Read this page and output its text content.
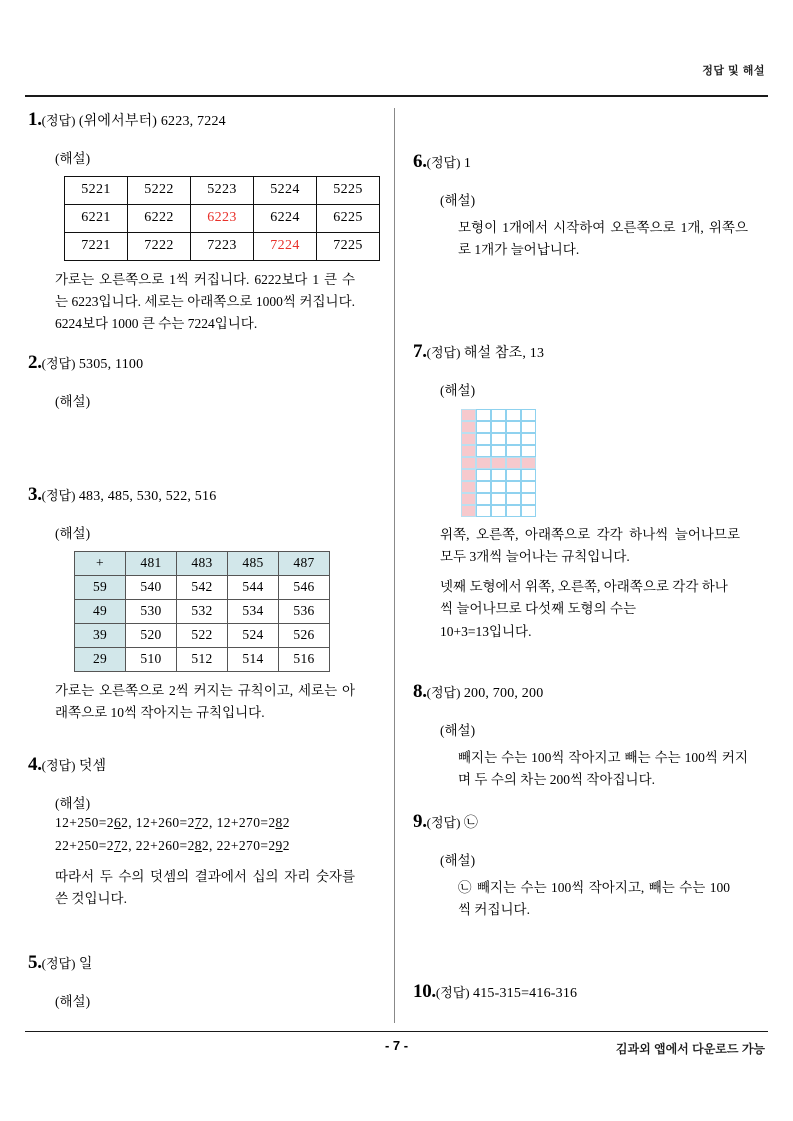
정답 및 해설
1.(정답) (위에서부터) 6223, 7224
(해설)
5221	5222	5223	5224	5225
6221	6222	6223	6224	6225
7221	7222	7223	7224	7225
가로는 오른쪽으로 1씩 커집니다. 6222보다 1 큰 수는 6223입니다. 세로는 아래쪽으로 1000씩 커집니다. 6224보다 1000 큰 수는 7224입니다.
2.(정답) 5305, 1100
(해설)
3.(정답) 483, 485, 530, 522, 516
(해설)
+	481	483	485	487
59	540	542	544	546
49	530	532	534	536
39	520	522	524	526
29	510	512	514	516
가로는 오른쪽으로 2씩 커지는 규칙이고, 세로는 아래쪽으로 10씩 작아지는 규칙입니다.
4.(정답) 덧셈
(해설)
12+250=262, 12+260=272, 12+270=282
22+250=272, 22+260=282, 22+270=292
따라서 두 수의 덧셈의 결과에서 십의 자리 숫자를 쓴 것입니다.
5.(정답) 일
(해설)
6.(정답) 1
(해설)
모형이 1개에서 시작하여 오른쪽으로 1개, 위쪽으로 1개가 늘어납니다.
7.(정답) 해설 참조, 13
(해설)
위쪽, 오른쪽, 아래쪽으로 각각 하나씩 늘어나므로 모두 3개씩 늘어나는 규칙입니다.
넷째 도형에서 위쪽, 오른쪽, 아래쪽으로 각각 하나씩 늘어나므로 다섯째 도형의 수는
10+3=13입니다.
8.(정답) 200, 700, 200
(해설)
빼지는 수는 100씩 작아지고 빼는 수는 100씩 커지며 두 수의 차는 200씩 작아집니다.
9.(정답) ㉡
(해설)
㉡ 빼지는 수는 100씩 작아지고, 빼는 수는 100씩 커집니다.
10.(정답) 415-315=416-316
- 7 -	김과외 앱에서 다운로드 가능
